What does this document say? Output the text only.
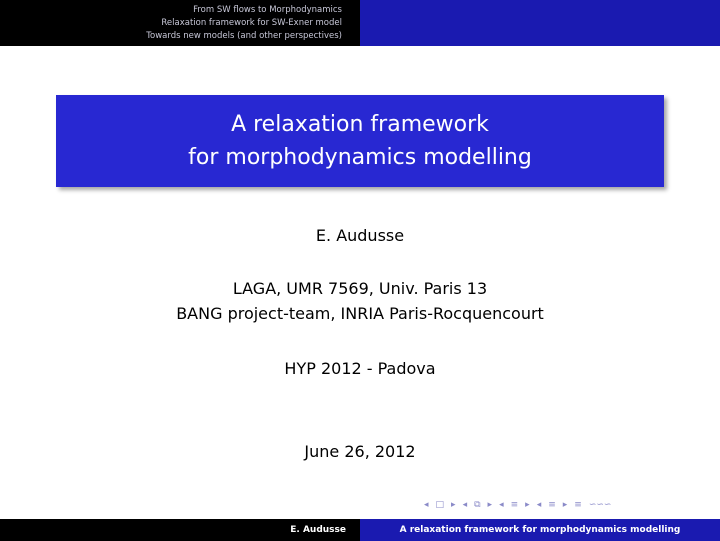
From SW flows to Morphodynamics
Relaxation framework for SW-Exner model
Towards new models (and other perspectives)
A relaxation framework
for morphodynamics modelling
E. Audusse
LAGA, UMR 7569, Univ. Paris 13
BANG project-team, INRIA Paris-Rocquencourt
HYP 2012 - Padova
June 26, 2012
◂ □ ▸ ◂ ⧉ ▸ ◂ ≡ ▸ ◂ ≡ ▸ ≡ ∽∽∽
E. Audusse	A relaxation framework for morphodynamics modelling
